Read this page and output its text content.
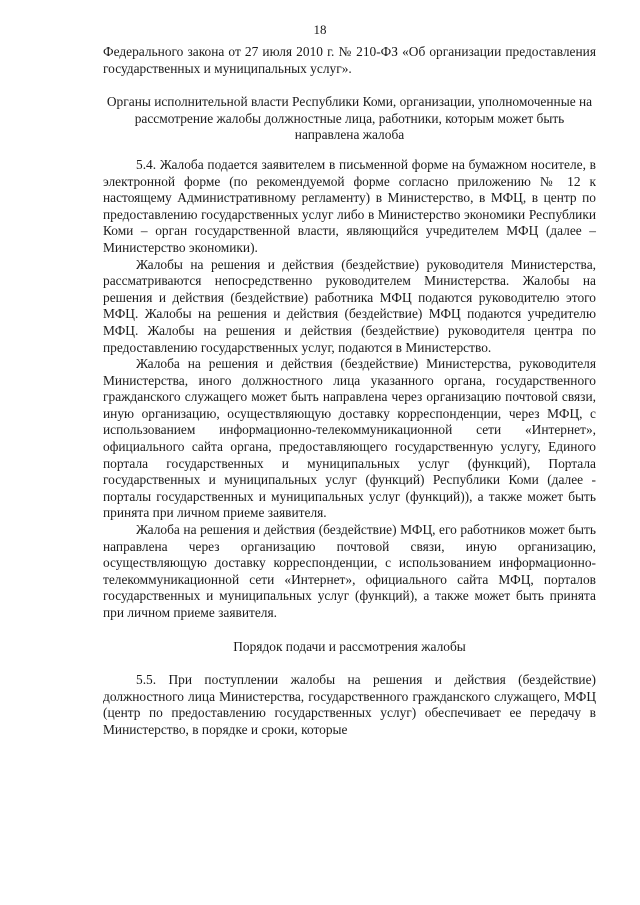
18

Федерального закона от 27 июля 2010 г. № 210-ФЗ «Об организации предоставления государственных и муниципальных услуг».

Органы исполнительной власти Республики Коми, организации, уполномоченные на рассмотрение жалобы должностные лица, работники, которым может быть направлена жалоба

5.4. Жалоба подается заявителем в письменной форме на бумажном носителе, в электронной форме (по рекомендуемой форме согласно приложению № 12 к настоящему Административному регламенту) в Министерство, в МФЦ, в центр по предоставлению государственных услуг либо в Министерство экономики Республики Коми – орган государственной власти, являющийся учредителем МФЦ (далее – Министерство экономики).

Жалобы на решения и действия (бездействие) руководителя Министерства, рассматриваются непосредственно руководителем Министерства. Жалобы на решения и действия (бездействие) работника МФЦ подаются руководителю этого МФЦ. Жалобы на решения и действия (бездействие) МФЦ подаются учредителю МФЦ. Жалобы на решения и действия (бездействие) руководителя центра по предоставлению государственных услуг, подаются в Министерство.

Жалоба на решения и действия (бездействие) Министерства, руководителя Министерства, иного должностного лица указанного органа, государственного гражданского служащего может быть направлена через организацию почтовой связи, иную организацию, осуществляющую доставку корреспонденции, через МФЦ, с использованием информационно-телекоммуникационной сети «Интернет», официального сайта органа, предоставляющего государственную услугу, Единого портала государственных и муниципальных услуг (функций), Портала государственных и муниципальных услуг (функций) Республики Коми (далее - порталы государственных и муниципальных услуг (функций)), а также может быть принята при личном приеме заявителя.

Жалоба на решения и действия (бездействие) МФЦ, его работников может быть направлена через организацию почтовой связи, иную организацию, осуществляющую доставку корреспонденции, с использованием информационно-телекоммуникационной сети «Интернет», официального сайта МФЦ, порталов государственных и муниципальных услуг (функций), а также может быть принята при личном приеме заявителя.

Порядок подачи и рассмотрения жалобы

5.5. При поступлении жалобы на решения и действия (бездействие) должностного лица Министерства, государственного гражданского служащего, МФЦ (центр по предоставлению государственных услуг) обеспечивает ее передачу в Министерство, в порядке и сроки, которые
